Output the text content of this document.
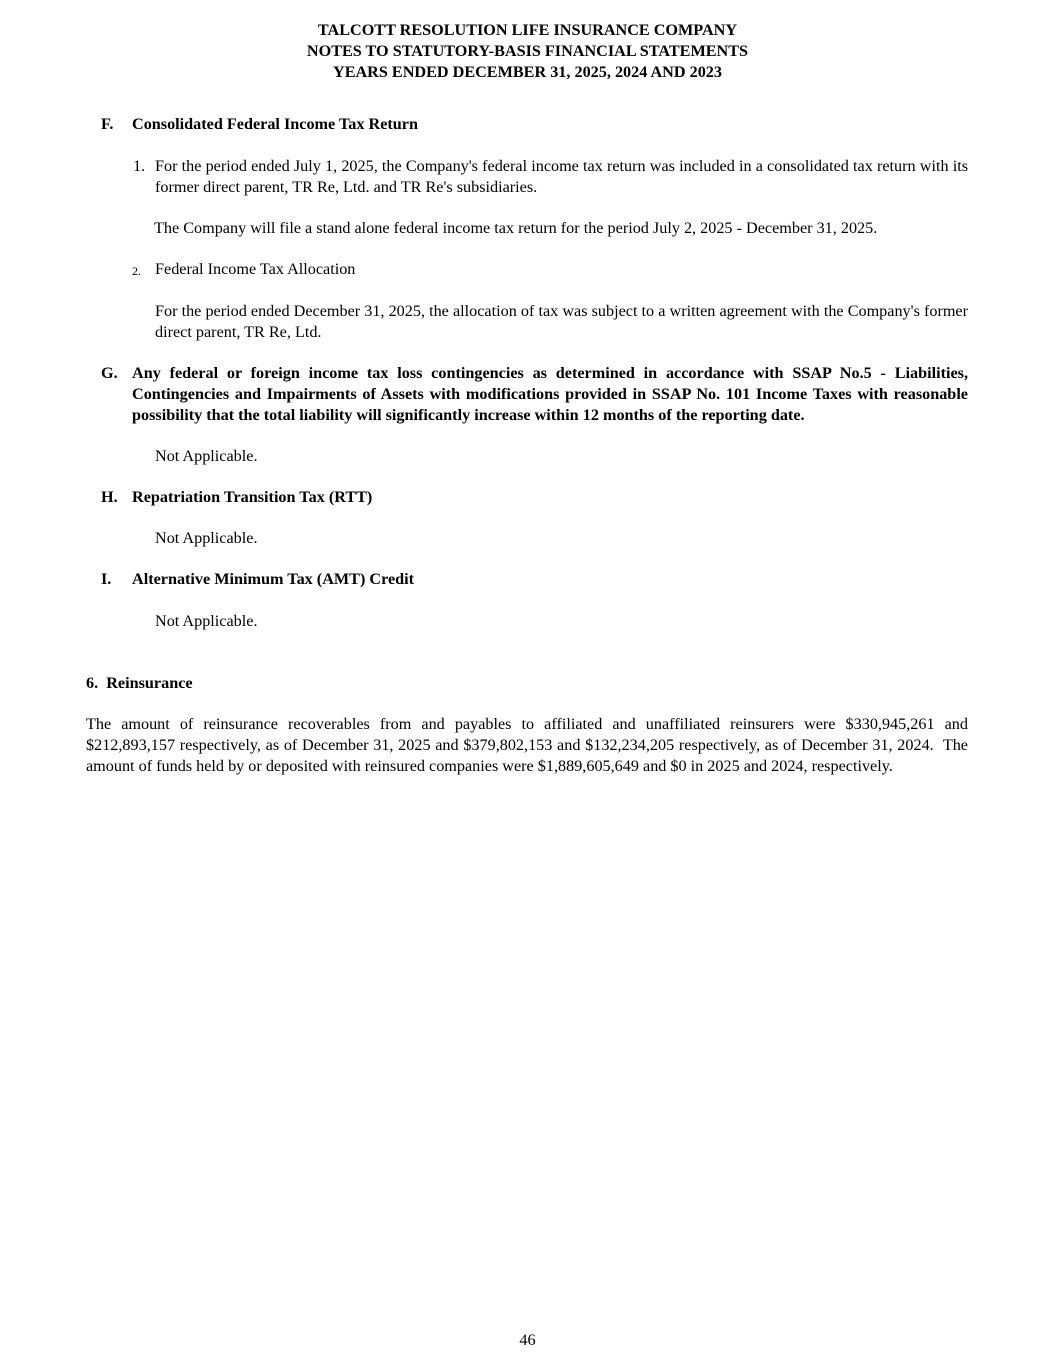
TALCOTT RESOLUTION LIFE INSURANCE COMPANY
NOTES TO STATUTORY-BASIS FINANCIAL STATEMENTS
YEARS ENDED DECEMBER 31, 2025, 2024 AND 2023
F. Consolidated Federal Income Tax Return
1. For the period ended July 1, 2025, the Company's federal income tax return was included in a consolidated tax return with its former direct parent, TR Re, Ltd. and TR Re's subsidiaries.
The Company will file a stand alone federal income tax return for the period July 2, 2025 - December 31, 2025.
2. Federal Income Tax Allocation
For the period ended December 31, 2025, the allocation of tax was subject to a written agreement with the Company's former direct parent, TR Re, Ltd.
G. Any federal or foreign income tax loss contingencies as determined in accordance with SSAP No.5 - Liabilities, Contingencies and Impairments of Assets with modifications provided in SSAP No. 101 Income Taxes with reasonable possibility that the total liability will significantly increase within 12 months of the reporting date.
Not Applicable.
H. Repatriation Transition Tax (RTT)
Not Applicable.
I. Alternative Minimum Tax (AMT) Credit
Not Applicable.
6.  Reinsurance
The amount of reinsurance recoverables from and payables to affiliated and unaffiliated reinsurers were $330,945,261 and $212,893,157 respectively, as of December 31, 2025 and $379,802,153 and $132,234,205 respectively, as of December 31, 2024.  The amount of funds held by or deposited with reinsured companies were $1,889,605,649 and $0 in 2025 and 2024, respectively.
46
